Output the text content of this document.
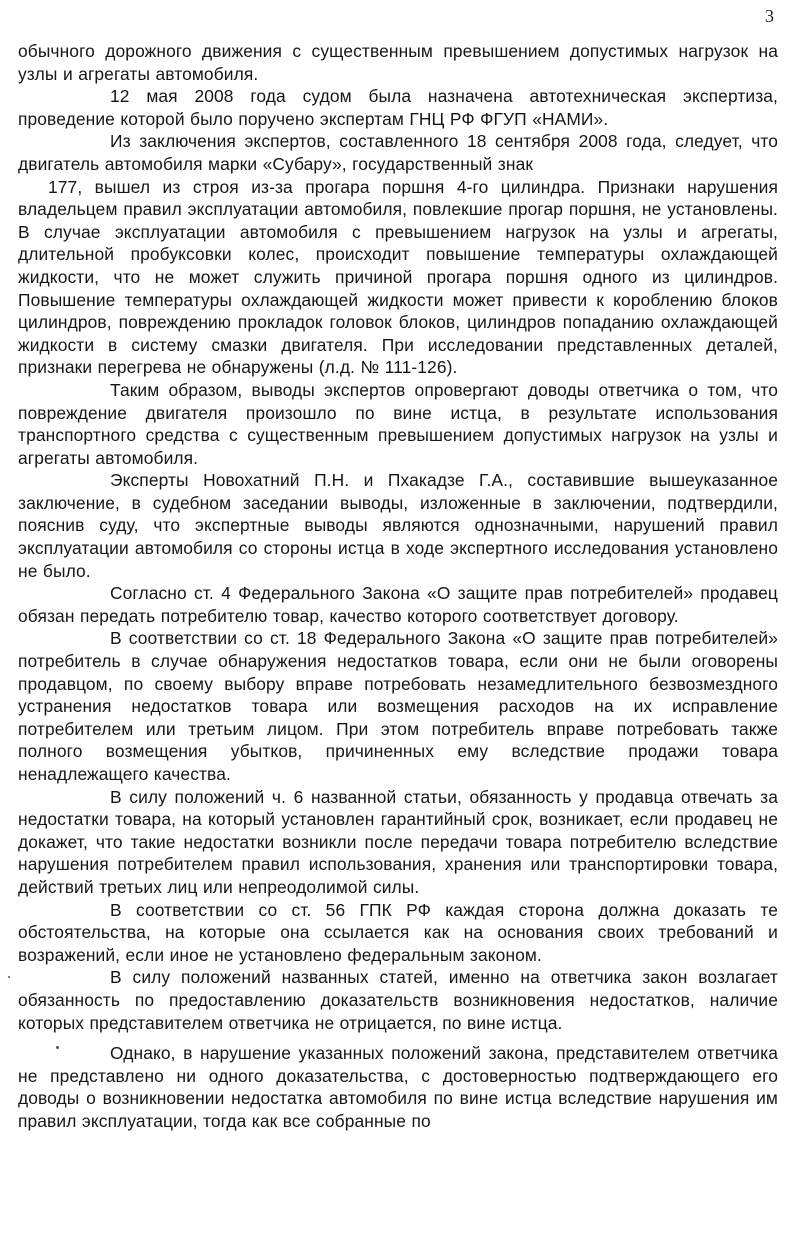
3

обычного дорожного движения с существенным превышением допустимых нагрузок на узлы и агрегаты автомобиля.

12 мая 2008 года судом была назначена автотехническая экспертиза, проведение которой было поручено экспертам ГНЦ РФ ФГУП «НАМИ».

Из заключения экспертов, составленного 18 сентября 2008 года, следует, что двигатель автомобиля марки «Субару», государственный знак

177, вышел из строя из-за прогара поршня 4-го цилиндра. Признаки нарушения владельцем правил эксплуатации автомобиля, повлекшие прогар поршня, не установлены. В случае эксплуатации автомобиля с превышением нагрузок на узлы и агрегаты, длительной пробуксовки колес, происходит повышение температуры охлаждающей жидкости, что не может служить причиной прогара поршня одного из цилиндров. Повышение температуры охлаждающей жидкости может привести к короблению блоков цилиндров, повреждению прокладок головок блоков, цилиндров попаданию охлаждающей жидкости в систему смазки двигателя. При исследовании представленных деталей, признаки перегрева не обнаружены (л.д. № 111-126).

Таким образом, выводы экспертов опровергают доводы ответчика о том, что повреждение двигателя произошло по вине истца, в результате использования транспортного средства с существенным превышением допустимых нагрузок на узлы и агрегаты автомобиля.

Эксперты Новохатний П.Н. и Пхакадзе Г.А., составившие вышеуказанное заключение, в судебном заседании выводы, изложенные в заключении, подтвердили, пояснив суду, что экспертные выводы являются однозначными, нарушений правил эксплуатации автомобиля со стороны истца в ходе экспертного исследования установлено не было.

Согласно ст. 4 Федерального Закона «О защите прав потребителей» продавец обязан передать потребителю товар, качество которого соответствует договору.

В соответствии со ст. 18 Федерального Закона «О защите прав потребителей» потребитель в случае обнаружения недостатков товара, если они не были оговорены продавцом, по своему выбору вправе потребовать незамедлительного безвозмездного устранения недостатков товара или возмещения расходов на их исправление потребителем или третьим лицом. При этом потребитель вправе потребовать также полного возмещения убытков, причиненных ему вследствие продажи товара ненадлежащего качества.

В силу положений ч. 6 названной статьи, обязанность у продавца отвечать за недостатки товара, на который установлен гарантийный срок, возникает, если продавец не докажет, что такие недостатки возникли после передачи товара потребителю вследствие нарушения потребителем правил использования, хранения или транспортировки товара, действий третьих лиц или непреодолимой силы.

В соответствии со ст. 56 ГПК РФ каждая сторона должна доказать те обстоятельства, на которые она ссылается как на основания своих требований и возражений, если иное не установлено федеральным законом.

В силу положений названных статей, именно на ответчика закон возлагает обязанность по предоставлению доказательств возникновения недостатков, наличие которых представителем ответчика не отрицается, по вине истца.

Однако, в нарушение указанных положений закона, представителем ответчика не представлено ни одного доказательства, с достоверностью подтверждающего его доводы о возникновении недостатка автомобиля по вине истца вследствие нарушения им правил эксплуатации, тогда как все собранные по
